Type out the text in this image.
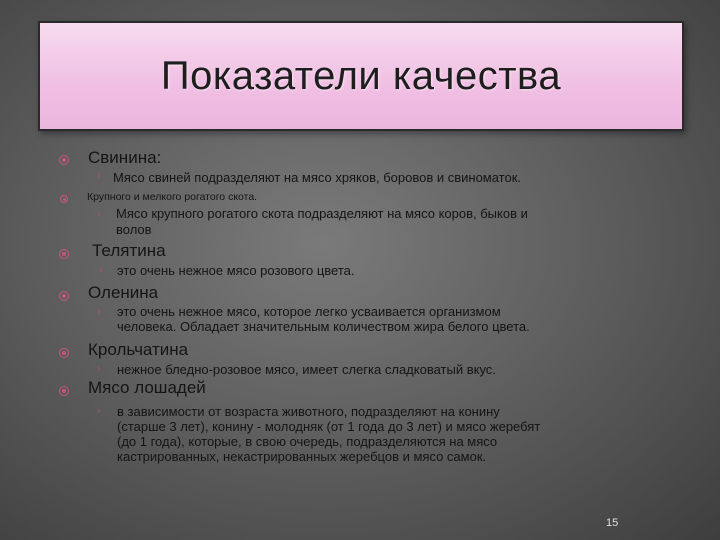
Показатели качества
Свинина:
› Мясо свиней подразделяют на мясо хряков, боровов и свиноматок.
Крупного и мелкого рогатого скота.
› Мясо крупного рогатого скота подразделяют на мясо коров, быков и
волов
Телятина
› это очень нежное мясо розового цвета.
Оленина
› это очень нежное мясо, которое легко усваивается организмом
человека. Обладает значительным количеством жира белого цвета.
Крольчатина
› нежное бледно-розовое мясо, имеет слегка сладковатый вкус.
Мясо лошадей
› в зависимости от возраста животного, подразделяют на конину
(старше 3 лет), конину - молодняк (от 1 года до 3 лет) и мясо жеребят
(до 1 года), которые, в свою очередь, подразделяются на мясо
кастрированных, некастрированных жеребцов и мясо самок.
15
